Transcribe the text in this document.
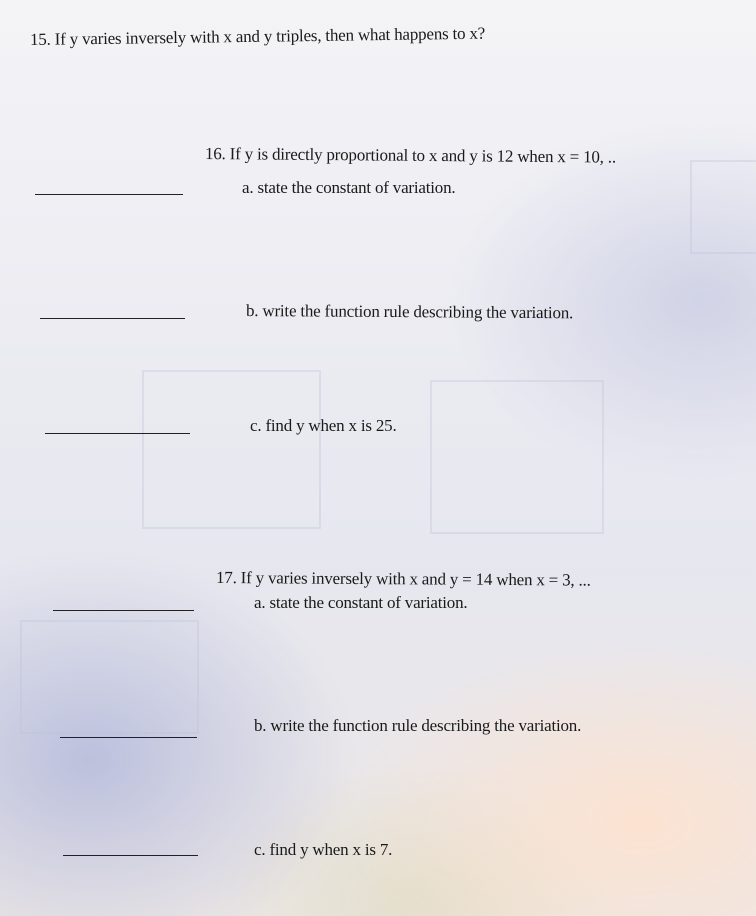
15. If y varies inversely with x and y triples, then what happens to x?
16. If y is directly proportional to x and y is 12 when x = 10, ..
a. state the constant of variation.
b. write the function rule describing the variation.
c. find y when x is 25.
17. If y varies inversely with x and y = 14 when x = 3, ...
a. state the constant of variation.
b. write the function rule describing the variation.
c. find y when x is 7.
